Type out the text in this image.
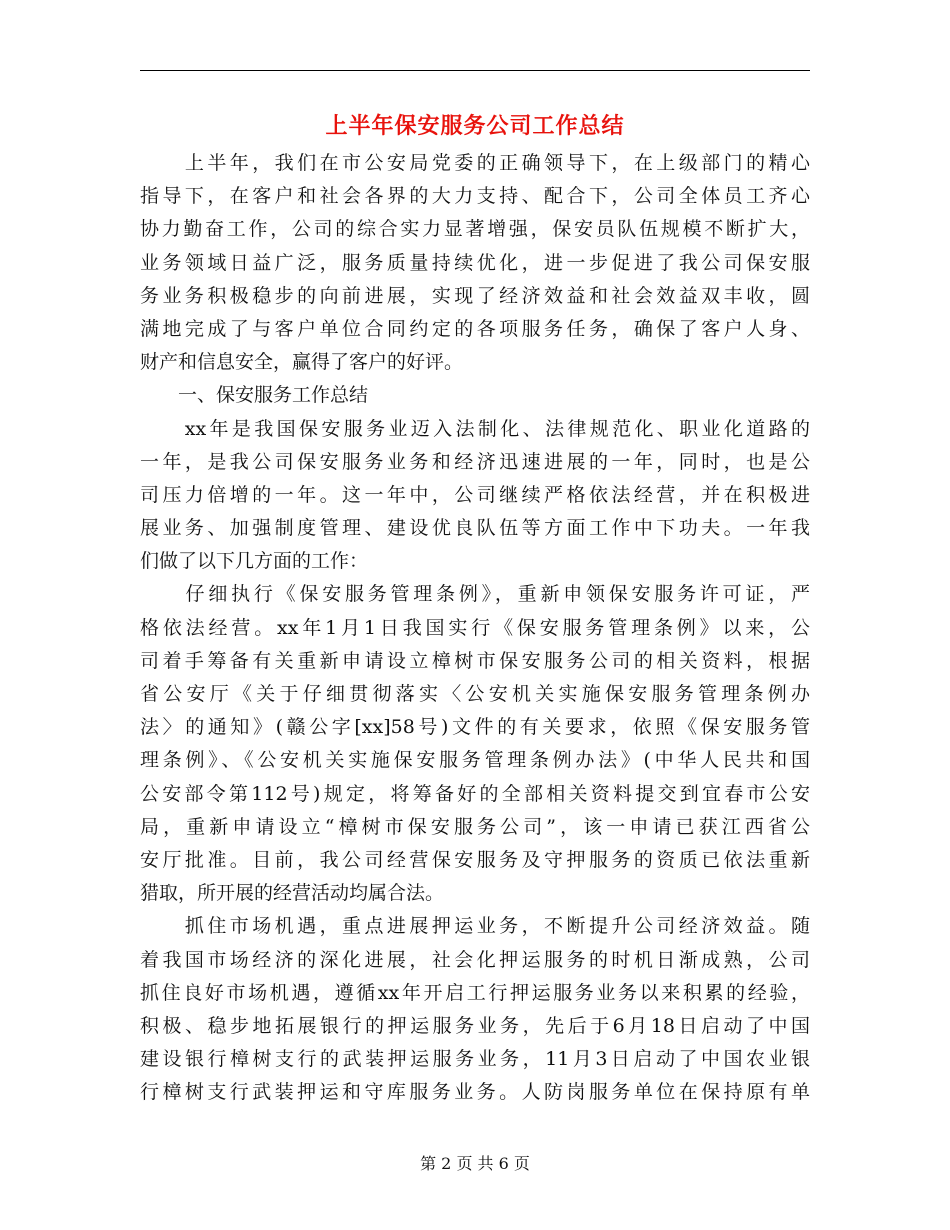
上半年保安服务公司工作总结
　　上半年，我们在市公安局党委的正确领导下，在上级部门的精心
指导下，在客户和社会各界的大力支持、配合下，公司全体员工齐心
协力勤奋工作，公司的综合实力显著增强，保安员队伍规模不断扩大，
业务领域日益广泛，服务质量持续优化，进一步促进了我公司保安服
务业务积极稳步的向前进展，实现了经济效益和社会效益双丰收，圆
满地完成了与客户单位合同约定的各项服务任务，确保了客户人身、
财产和信息安全，赢得了客户的好评。
　　一、保安服务工作总结
　　xx年是我国保安服务业迈入法制化、法律规范化、职业化道路的
一年，是我公司保安服务业务和经济迅速进展的一年，同时，也是公
司压力倍增的一年。这一年中，公司继续严格依法经营，并在积极进
展业务、加强制度管理、建设优良队伍等方面工作中下功夫。一年我
们做了以下几方面的工作：
　　仔细执行《保安服务管理条例》，重新申领保安服务许可证，严
格依法经营。xx年1月1日我国实行《保安服务管理条例》以来，公
司着手筹备有关重新申请设立樟树市保安服务公司的相关资料，根据
省公安厅《关于仔细贯彻落实〈公安机关实施保安服务管理条例办
法〉的通知》(赣公字[xx]58号)文件的有关要求，依照《保安服务管
理条例》、《公安机关实施保安服务管理条例办法》(中华人民共和国
公安部令第112号)规定，将筹备好的全部相关资料提交到宜春市公安
局，重新申请设立“樟树市保安服务公司”，该一申请已获江西省公
安厅批准。目前，我公司经营保安服务及守押服务的资质已依法重新
猎取，所开展的经营活动均属合法。
　　抓住市场机遇，重点进展押运业务，不断提升公司经济效益。随
着我国市场经济的深化进展，社会化押运服务的时机日渐成熟，公司
抓住良好市场机遇，遵循xx年开启工行押运服务业务以来积累的经验，
积极、稳步地拓展银行的押运服务业务，先后于6月18日启动了中国
建设银行樟树支行的武装押运服务业务，11月3日启动了中国农业银
行樟树支行武装押运和守库服务业务。人防岗服务单位在保持原有单
第 2 页 共 6 页
